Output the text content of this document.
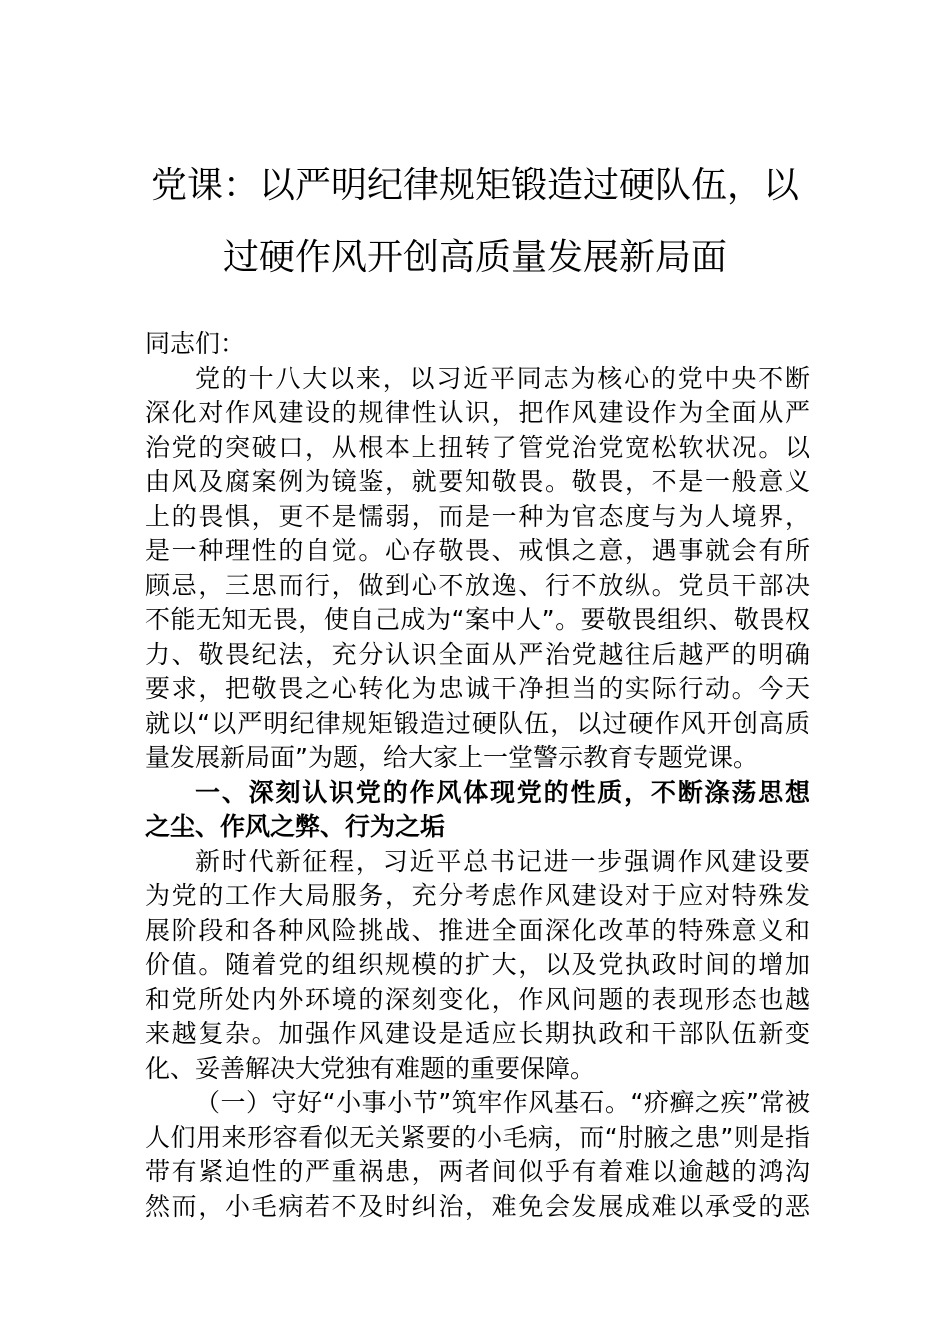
党课：以严明纪律规矩锻造过硬队伍，以
过硬作风开创高质量发展新局面
同志们：
党的十八大以来，以习近平同志为核心的党中央不断
深化对作风建设的规律性认识，把作风建设作为全面从严
治党的突破口，从根本上扭转了管党治党宽松软状况。以
由风及腐案例为镜鉴，就要知敬畏。敬畏，不是一般意义
上的畏惧，更不是懦弱，而是一种为官态度与为人境界，
是一种理性的自觉。心存敬畏、戒惧之意，遇事就会有所
顾忌，三思而行，做到心不放逸、行不放纵。党员干部决
不能无知无畏，使自己成为“案中人”。要敬畏组织、敬畏权
力、敬畏纪法，充分认识全面从严治党越往后越严的明确
要求，把敬畏之心转化为忠诚干净担当的实际行动。今天
就以“以严明纪律规矩锻造过硬队伍，以过硬作风开创高质
量发展新局面”为题，给大家上一堂警示教育专题党课。
一、深刻认识党的作风体现党的性质，不断涤荡思想
之尘、作风之弊、行为之垢
新时代新征程，习近平总书记进一步强调作风建设要
为党的工作大局服务，充分考虑作风建设对于应对特殊发
展阶段和各种风险挑战、推进全面深化改革的特殊意义和
价值。随着党的组织规模的扩大，以及党执政时间的增加
和党所处内外环境的深刻变化，作风问题的表现形态也越
来越复杂。加强作风建设是适应长期执政和干部队伍新变
化、妥善解决大党独有难题的重要保障。
（一）守好“小事小节”筑牢作风基石。“疥癣之疾”常被
人们用来形容看似无关紧要的小毛病，而“肘腋之患”则是指
带有紧迫性的严重祸患，两者间似乎有着难以逾越的鸿沟
然而，小毛病若不及时纠治，难免会发展成难以承受的恶
